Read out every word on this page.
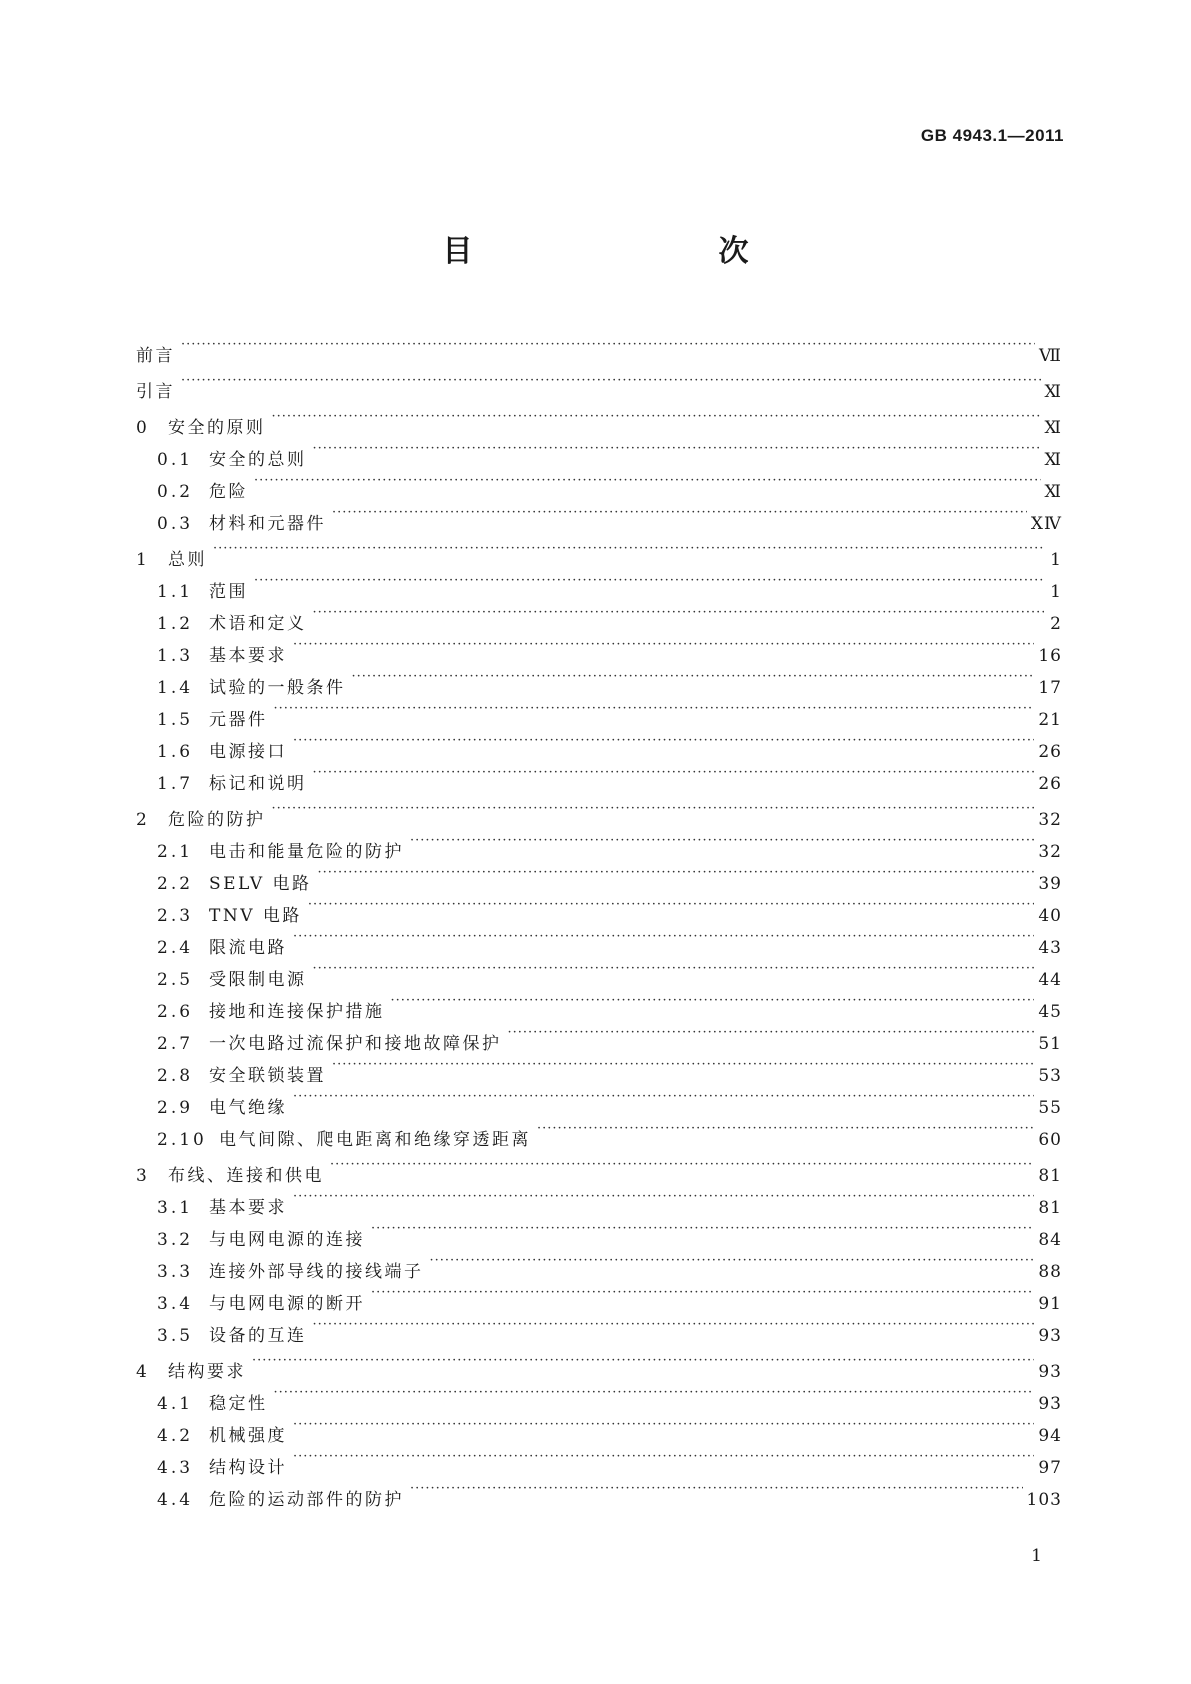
GB 4943.1—2011
目　　次
前言 ·····	Ⅶ
引言 ·····	Ⅺ
0	安全的原则 ·····	Ⅺ
0.1 安全的总则 ·····	Ⅺ
0.2 危险 ·····	Ⅺ
0.3 材料和元器件 ·····	ⅩⅣ
1	总则 ·····	1
1.1 范围 ·····	1
1.2 术语和定义 ·····	2
1.3 基本要求 ·····	16
1.4 试验的一般条件 ·····	17
1.5 元器件 ·····	21
1.6 电源接口 ·····	26
1.7 标记和说明 ·····	26
2	危险的防护 ·····	32
2.1 电击和能量危险的防护 ·····	32
2.2 SELV 电路 ·····	39
2.3 TNV 电路 ·····	40
2.4 限流电路 ·····	43
2.5 受限制电源 ·····	44
2.6 接地和连接保护措施 ·····	45
2.7 一次电路过流保护和接地故障保护 ·····	51
2.8 安全联锁装置 ·····	53
2.9 电气绝缘 ·····	55
2.10 电气间隙、爬电距离和绝缘穿透距离 ·····	60
3	布线、连接和供电 ·····	81
3.1 基本要求 ·····	81
3.2 与电网电源的连接 ·····	84
3.3 连接外部导线的接线端子 ·····	88
3.4 与电网电源的断开 ·····	91
3.5 设备的互连 ·····	93
4	结构要求 ·····	93
4.1 稳定性 ·····	93
4.2 机械强度 ·····	94
4.3 结构设计 ·····	97
4.4 危险的运动部件的防护 ·····	103
1
